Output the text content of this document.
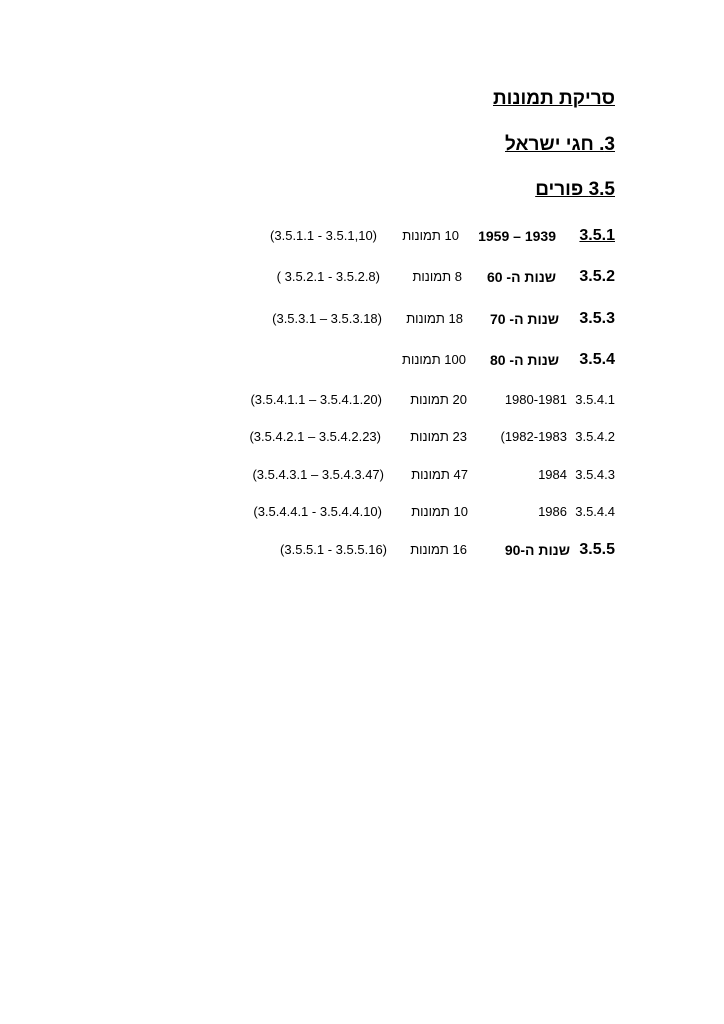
סריקת תמונות
3. חגי ישראל
3.5 פורים
3.5.1
1939 – 1959
10 תמונות
(3.5.1.1 - 3.5.1,10)
3.5.2
שנות ה- 60
8 תמונות
( 3.5.2.1 - 3.5.2.8)
3.5.3
שנות ה- 70
18 תמונות
(3.5.3.1 – 3.5.3.18)
3.5.4
שנות ה- 80
100 תמונות
3.5.4.1
1980-1981
20 תמונות
(3.5.4.1.1 – 3.5.4.1.20)
3.5.4.2
1982-1983)
23 תמונות
(3.5.4.2.1 – 3.5.4.2.23)
3.5.4.3
1984
47 תמונות
(3.5.4.3.1 – 3.5.4.3.47)
3.5.4.4
1986
10 תמונות
(3.5.4.4.1 - 3.5.4.4.10)
3.5.5
שנות ה-90
16 תמונות
(3.5.5.1 - 3.5.5.16)
